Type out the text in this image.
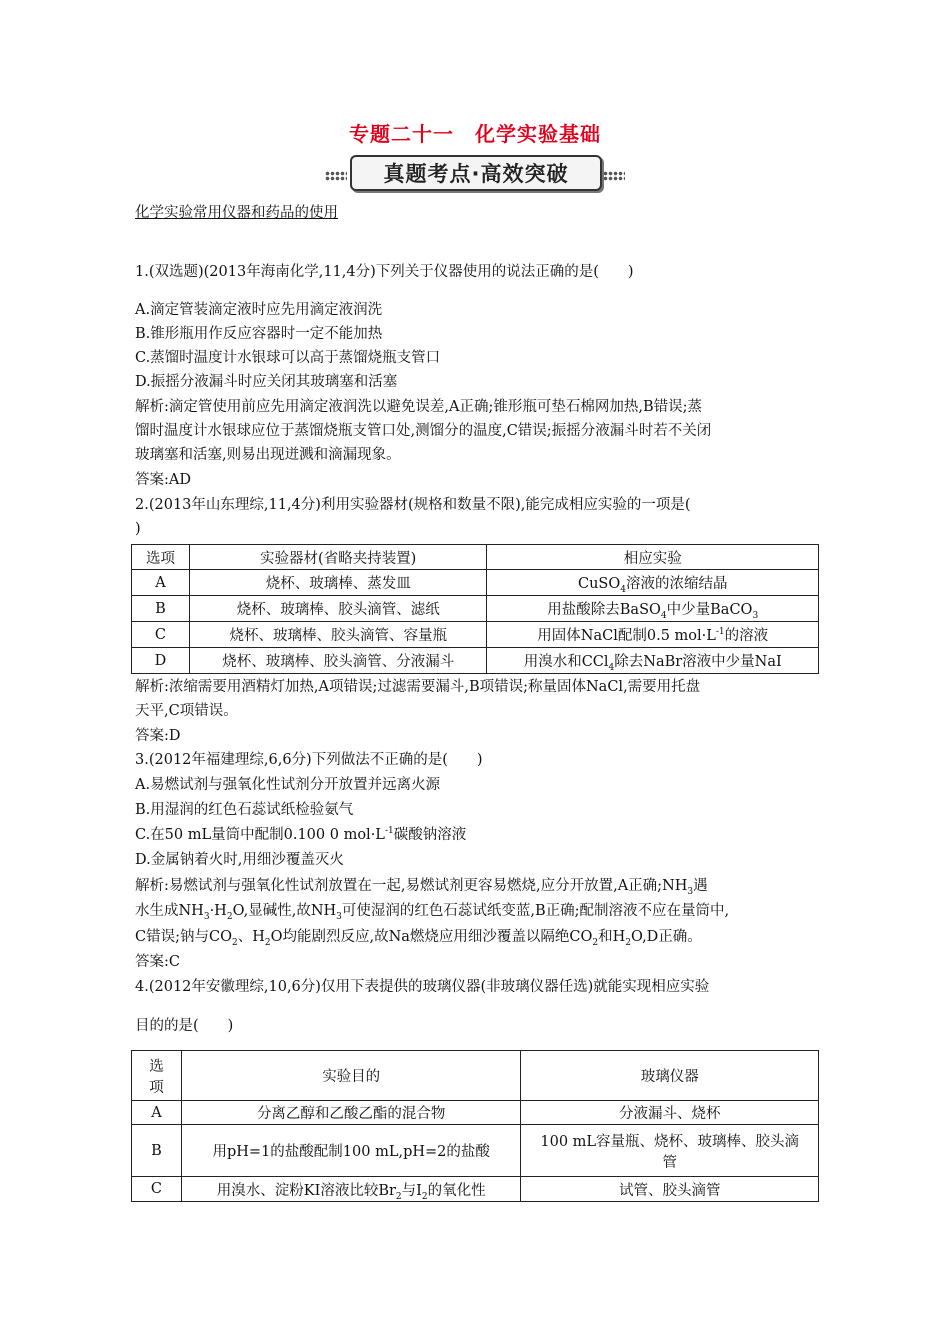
专题二十一　化学实验基础
真题考点·高效突破
化学实验常用仪器和药品的使用
1.(双选题)(2013年海南化学,11,4分)下列关于仪器使用的说法正确的是(　　)
A.滴定管装滴定液时应先用滴定液润洗
B.锥形瓶用作反应容器时一定不能加热
C.蒸馏时温度计水银球可以高于蒸馏烧瓶支管口
D.振摇分液漏斗时应关闭其玻璃塞和活塞
解析:滴定管使用前应先用滴定液润洗以避免误差,A正确;锥形瓶可垫石棉网加热,B错误;蒸
馏时温度计水银球应位于蒸馏烧瓶支管口处,测馏分的温度,C错误;振摇分液漏斗时若不关闭
玻璃塞和活塞,则易出现迸溅和滴漏现象。
答案:AD
2.(2013年山东理综,11,4分)利用实验器材(规格和数量不限),能完成相应实验的一项是(
)
选项	实验器材(省略夹持装置)	相应实验
A	烧杯、玻璃棒、蒸发皿	CuSO$_4$溶液的浓缩结晶
B	烧杯、玻璃棒、胶头滴管、滤纸	用盐酸除去BaSO$_4$中少量BaCO$_3$
C	烧杯、玻璃棒、胶头滴管、容量瓶	用固体NaCl配制0.5 $mol\cdot L^{-1}$的溶液
D	烧杯、玻璃棒、胶头滴管、分液漏斗	用溴水和CCl$_4$除去NaBr溶液中少量NaI
解析:浓缩需要用酒精灯加热,A项错误;过滤需要漏斗,B项错误;称量固体NaCl,需要用托盘
天平,C项错误。
答案:D
3.(2012年福建理综,6,6分)下列做法不正确的是(　　)
A.易燃试剂与强氧化性试剂分开放置并远离火源
B.用湿润的红色石蕊试纸检验氨气
C.在50 mL量筒中配制0.100 0 $mol\cdot L^{-1}$碳酸钠溶液
D.金属钠着火时,用细沙覆盖灭火
解析:易燃试剂与强氧化性试剂放置在一起,易燃试剂更容易燃烧,应分开放置,A正确$;NH_3$遇
水生成$NH_3\cdot H_2O$,显碱性,故$NH_3$可使湿润的红色石蕊试纸变蓝,B正确;配制溶液不应在量筒中,
C错误;钠与$CO_2$、$H_2O$均能剧烈反应,故Na燃烧应用细沙覆盖以隔绝$CO_2$和$H_2O,D$正确。
答案:C
4.(2012年安徽理综,10,6分)仅用下表提供的玻璃仪器(非玻璃仪器任选)就能实现相应实验
目的的是(　　)
选
项	实验目的	玻璃仪器
A	分离乙醇和乙酸乙酯的混合物	分液漏斗、烧杯
B	用pH=1的盐酸配制100 mL,pH=2的盐酸	100 mL容量瓶、烧杯、玻璃棒、胶头滴
管
C	用溴水、淀粉KI溶液比较$Br_2$与$I_2$的氧化性	试管、胶头滴管
